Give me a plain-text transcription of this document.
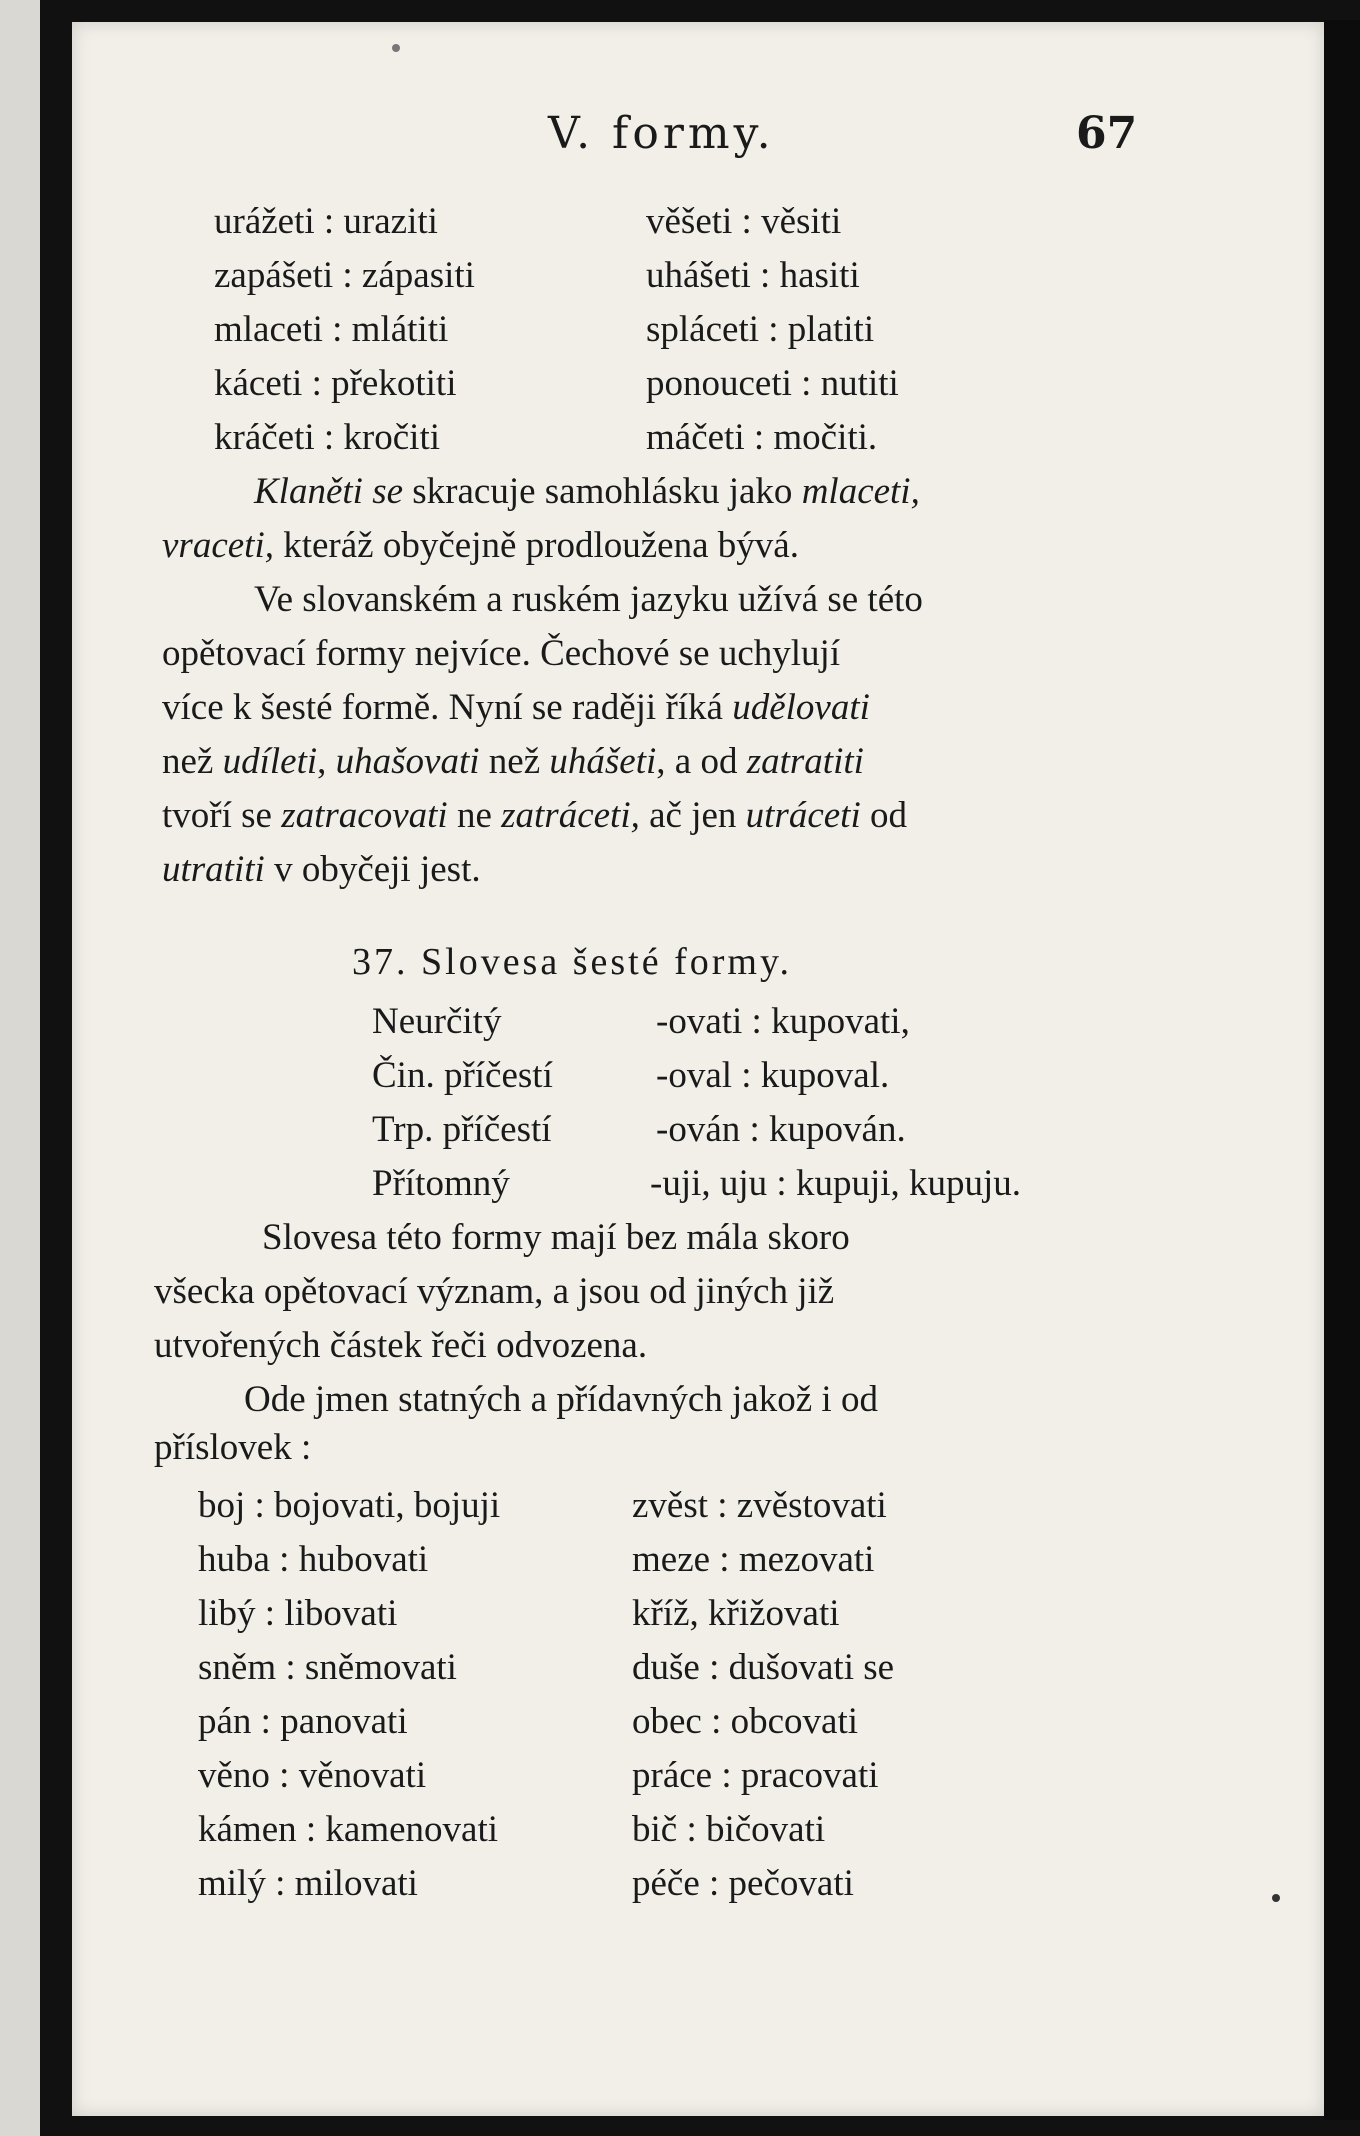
V. formy.	67
urážeti : uraziti
zapášeti : zápasiti
mlaceti : mlátiti
káceti : překotiti
kráčeti : kročiti
věšeti : věsiti
uhášeti : hasiti
spláceti : platiti
ponouceti : nutiti
máčeti : močiti.
Klaněti se skracuje samohlásku jako mlaceti,
vraceti, kteráž obyčejně prodloužena bývá.
Ve slovanském a ruském jazyku užívá se této
opětovací formy nejvíce. Čechové se uchylují
více k šesté formě. Nyní se raději říká udělovati
než udíleti, uhašovati než uhášeti, a od zatratiti
tvoří se zatracovati ne zatráceti, ač jen utráceti od
utratiti v obyčeji jest.
37. Slovesa šesté formy.
Neurčitý
Čin. příčestí
Trp. příčestí
Přítomný
-ovati : kupovati,
-oval : kupoval.
-ován : kupován.
-uji, uju : kupuji, kupuju.
Slovesa této formy mají bez mála skoro
všecka opětovací význam, a jsou od jiných již
utvořených částek řeči odvozena.
Ode jmen statných a přídavných jakož i od
příslovek :
boj : bojovati, bojuji
huba : hubovati
libý : libovati
sněm : sněmovati
pán : panovati
věno : věnovati
kámen : kamenovati
milý : milovati
zvěst : zvěstovati
meze : mezovati
kříž, křižovati
duše : dušovati se
obec : obcovati
práce : pracovati
bič : bičovati
péče : pečovati
